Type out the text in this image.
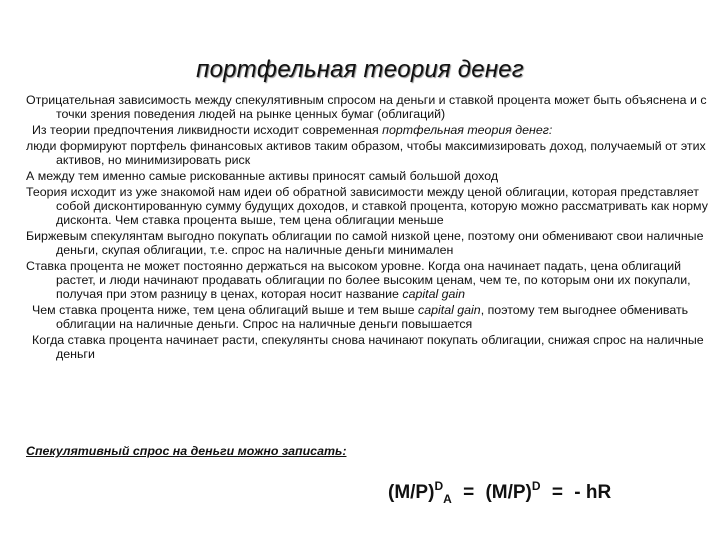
портфельная теория денег

Отрицательная зависимость между спекулятивным спросом на деньги и ставкой процента может быть объяснена и с точки зрения поведения людей на рынке ценных бумаг (облигаций)

Из теории предпочтения ликвидности исходит современная портфельная теория денег:

люди формируют портфель финансовых активов таким образом, чтобы максимизировать доход, получаемый от этих активов, но минимизировать риск

А между тем именно самые рискованные активы приносят самый большой доход

Теория исходит из уже знакомой нам идеи об обратной зависимости между ценой облигации, которая представляет собой дисконтированную сумму будущих доходов, и ставкой процента, которую можно рассматривать как норму дисконта. Чем ставка процента выше, тем цена облигации меньше

Биржевым спекулянтам выгодно покупать облигации по самой низкой цене, поэтому они обменивают свои наличные деньги, скупая облигации, т.е. спрос на наличные деньги минимален

Ставка процента не может постоянно держаться на высоком уровне. Когда она начинает падать, цена облигаций растет, и люди начинают продавать облигации по более высоким ценам, чем те, по которым они их покупали, получая при этом разницу в ценах, которая носит название capital gain

Чем ставка процента ниже, тем цена облигаций выше и тем выше capital gain, поэтому тем выгоднее обменивать облигации на наличные деньги. Спрос на наличные деньги повышается

Когда ставка процента начинает расти, спекулянты снова начинают покупать облигации, снижая спрос на наличные деньги

Спекулятивный спрос на деньги можно записать:
$(M/P)^D_A = (M/P)^D$ = - hR
